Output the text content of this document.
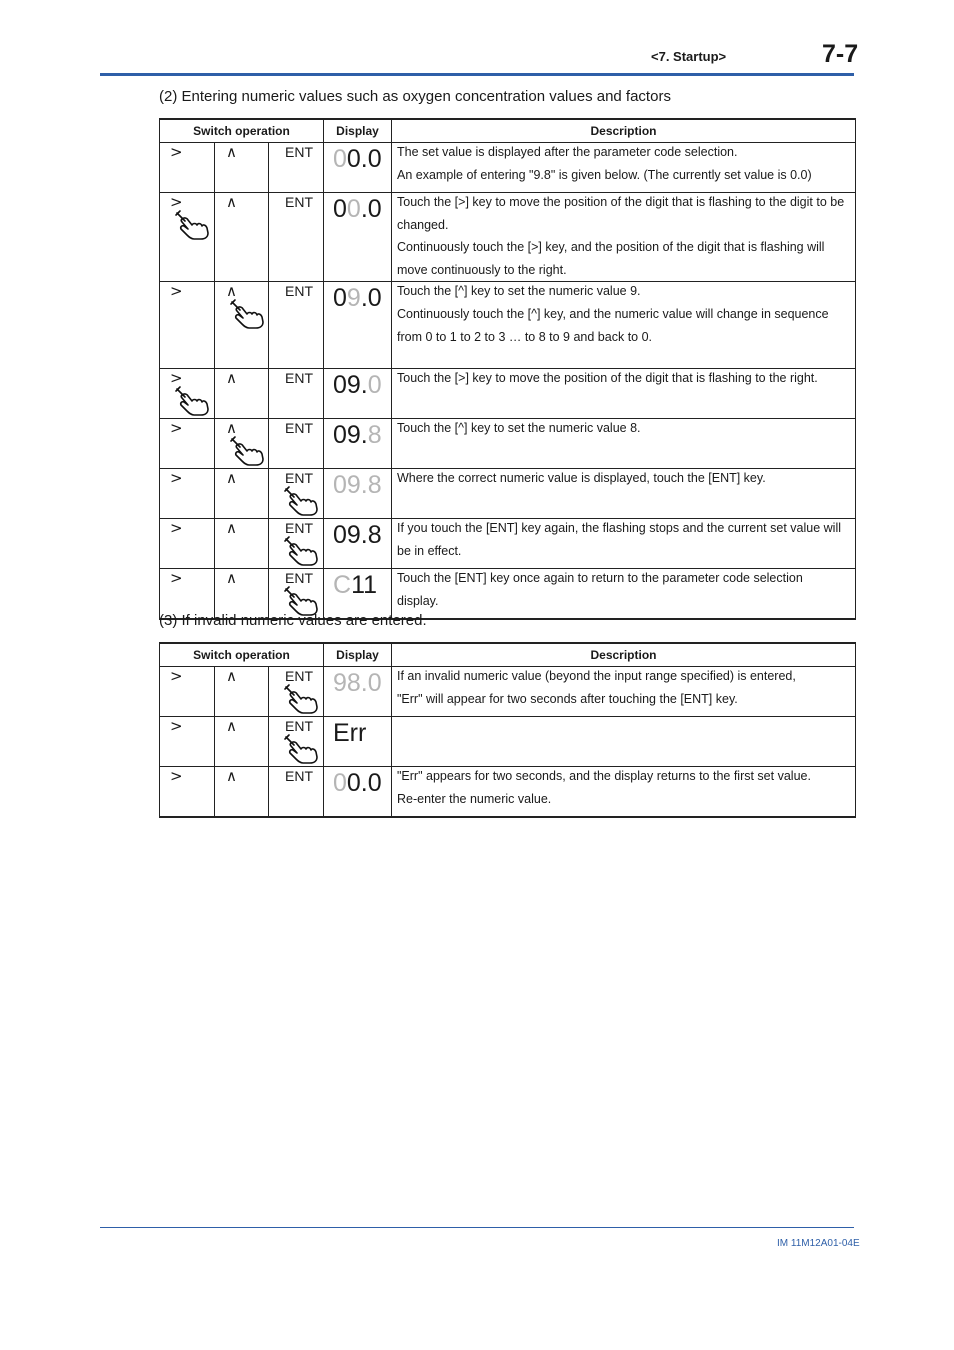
<7. Startup>	7-7
(2) Entering numeric values such as oxygen concentration values and factors
Switch operation			Display	Description

>	∧	ENT	00.0	The set value is displayed after the parameter code selection.

An example of entering "9.8" is given below. (The currently set value is 0.0)

>	∧	ENT	00.0	Touch the [>] key to move the position of the digit that is flashing to the digit to be changed.

Continuously touch the [>] key, and the position of the digit that is flashing will move continuously to the right.

>	∧	ENT	09.0	Touch the [^] key to set the numeric value 9.

Continuously touch the [^] key, and the numeric value will change in sequence from 0 to 1 to 2 to 3 … to 8 to 9 and back to 0.

>	∧	ENT	09.0	Touch the [>] key to move the position of the digit that is flashing to the right.

>	∧	ENT	09.8	Touch the [^] key to set the numeric value 8.

>	∧	ENT	09.8	Where the correct numeric value is displayed, touch the [ENT] key.

>	∧	ENT	09.8	If you touch the [ENT] key again, the flashing stops and the current set value will be in effect.

>	∧	ENT	C11	Touch the [ENT] key once again to return to the parameter code selection display.

(3) If invalid numeric values are entered.
Switch operation			Display	Description

>	∧	ENT	98.0	If an invalid numeric value (beyond the input range specified) is entered,

"Err" will appear for two seconds after touching the [ENT] key.

>	∧	ENT	Err	

>	∧	ENT	00.0	"Err" appears for two seconds, and the display returns to the first set value.

Re-enter the numeric value.

IM 11M12A01-04E
